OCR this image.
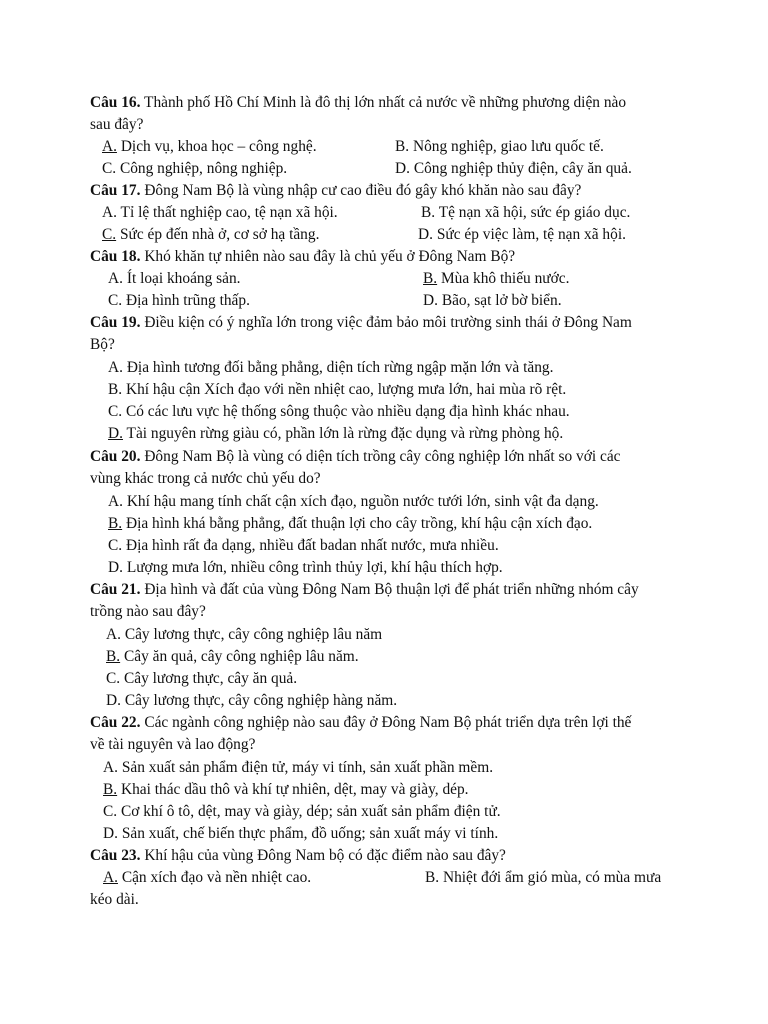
Câu 16. Thành phố Hồ Chí Minh là đô thị lớn nhất cả nước về những phương diện nào
sau đây?
A. Dịch vụ, khoa học – công nghệ.	B. Nông nghiệp, giao lưu quốc tế.
C. Công nghiệp, nông nghiệp.	D. Công nghiệp thủy điện, cây ăn quả.
Câu 17. Đông Nam Bộ là vùng nhập cư cao điều đó gây khó khăn nào sau đây?
A. Tỉ lệ thất nghiệp cao, tệ nạn xã hội.	B. Tệ nạn xã hội, sức ép giáo dục.
C. Sức ép đến nhà ở, cơ sở hạ tầng.	D. Sức ép việc làm, tệ nạn xã hội.
Câu 18. Khó khăn tự nhiên nào sau đây là chủ yếu ở Đông Nam Bộ?
A. Ít loại khoáng sản.	B. Mùa khô thiếu nước.
C. Địa hình trũng thấp.	D. Bão, sạt lở bờ biển.
Câu 19. Điều kiện có ý nghĩa lớn trong việc đảm bảo môi trường sinh thái ở Đông Nam
Bộ?
A. Địa hình tương đối bằng phẳng, diện tích rừng ngập mặn lớn và tăng.
B. Khí hậu cận Xích đạo với nền nhiệt cao, lượng mưa lớn, hai mùa rõ rệt.
C. Có các lưu vực hệ thống sông thuộc vào nhiều dạng địa hình khác nhau.
D. Tài nguyên rừng giàu có, phần lớn là rừng đặc dụng và rừng phòng hộ.
Câu 20. Đông Nam Bộ là vùng có diện tích trồng cây công nghiệp lớn nhất so với các
vùng khác trong cả nước chủ yếu do?
A. Khí hậu mang tính chất cận xích đạo, nguồn nước tưới lớn, sinh vật đa dạng.
B. Địa hình khá bằng phẳng, đất thuận lợi cho cây trồng, khí hậu cận xích đạo.
C. Địa hình rất đa dạng, nhiều đất badan nhất nước, mưa nhiều.
D. Lượng mưa lớn, nhiều công trình thủy lợi, khí hậu thích hợp.
Câu 21. Địa hình và đất của vùng Đông Nam Bộ thuận lợi để phát triển những nhóm cây
trồng nào sau đây?
A. Cây lương thực, cây công nghiệp lâu năm
B. Cây ăn quả, cây công nghiệp lâu năm.
C. Cây lương thực, cây ăn quả.
D. Cây lương thực, cây công nghiệp hàng năm.
Câu 22. Các ngành công nghiệp nào sau đây ở Đông Nam Bộ phát triển dựa trên lợi thế
về tài nguyên và lao động?
A. Sản xuất sản phẩm điện tử, máy vi tính, sản xuất phần mềm.
B. Khai thác dầu thô và khí tự nhiên, dệt, may và giày, dép.
C. Cơ khí ô tô, dệt, may và giày, dép; sản xuất sản phẩm điện tử.
D. Sản xuất, chế biến thực phẩm, đồ uống; sản xuất máy vi tính.
Câu 23. Khí hậu của vùng Đông Nam bộ có đặc điểm nào sau đây?
A. Cận xích đạo và nền nhiệt cao.	B. Nhiệt đới ẩm gió mùa, có mùa mưa
kéo dài.
